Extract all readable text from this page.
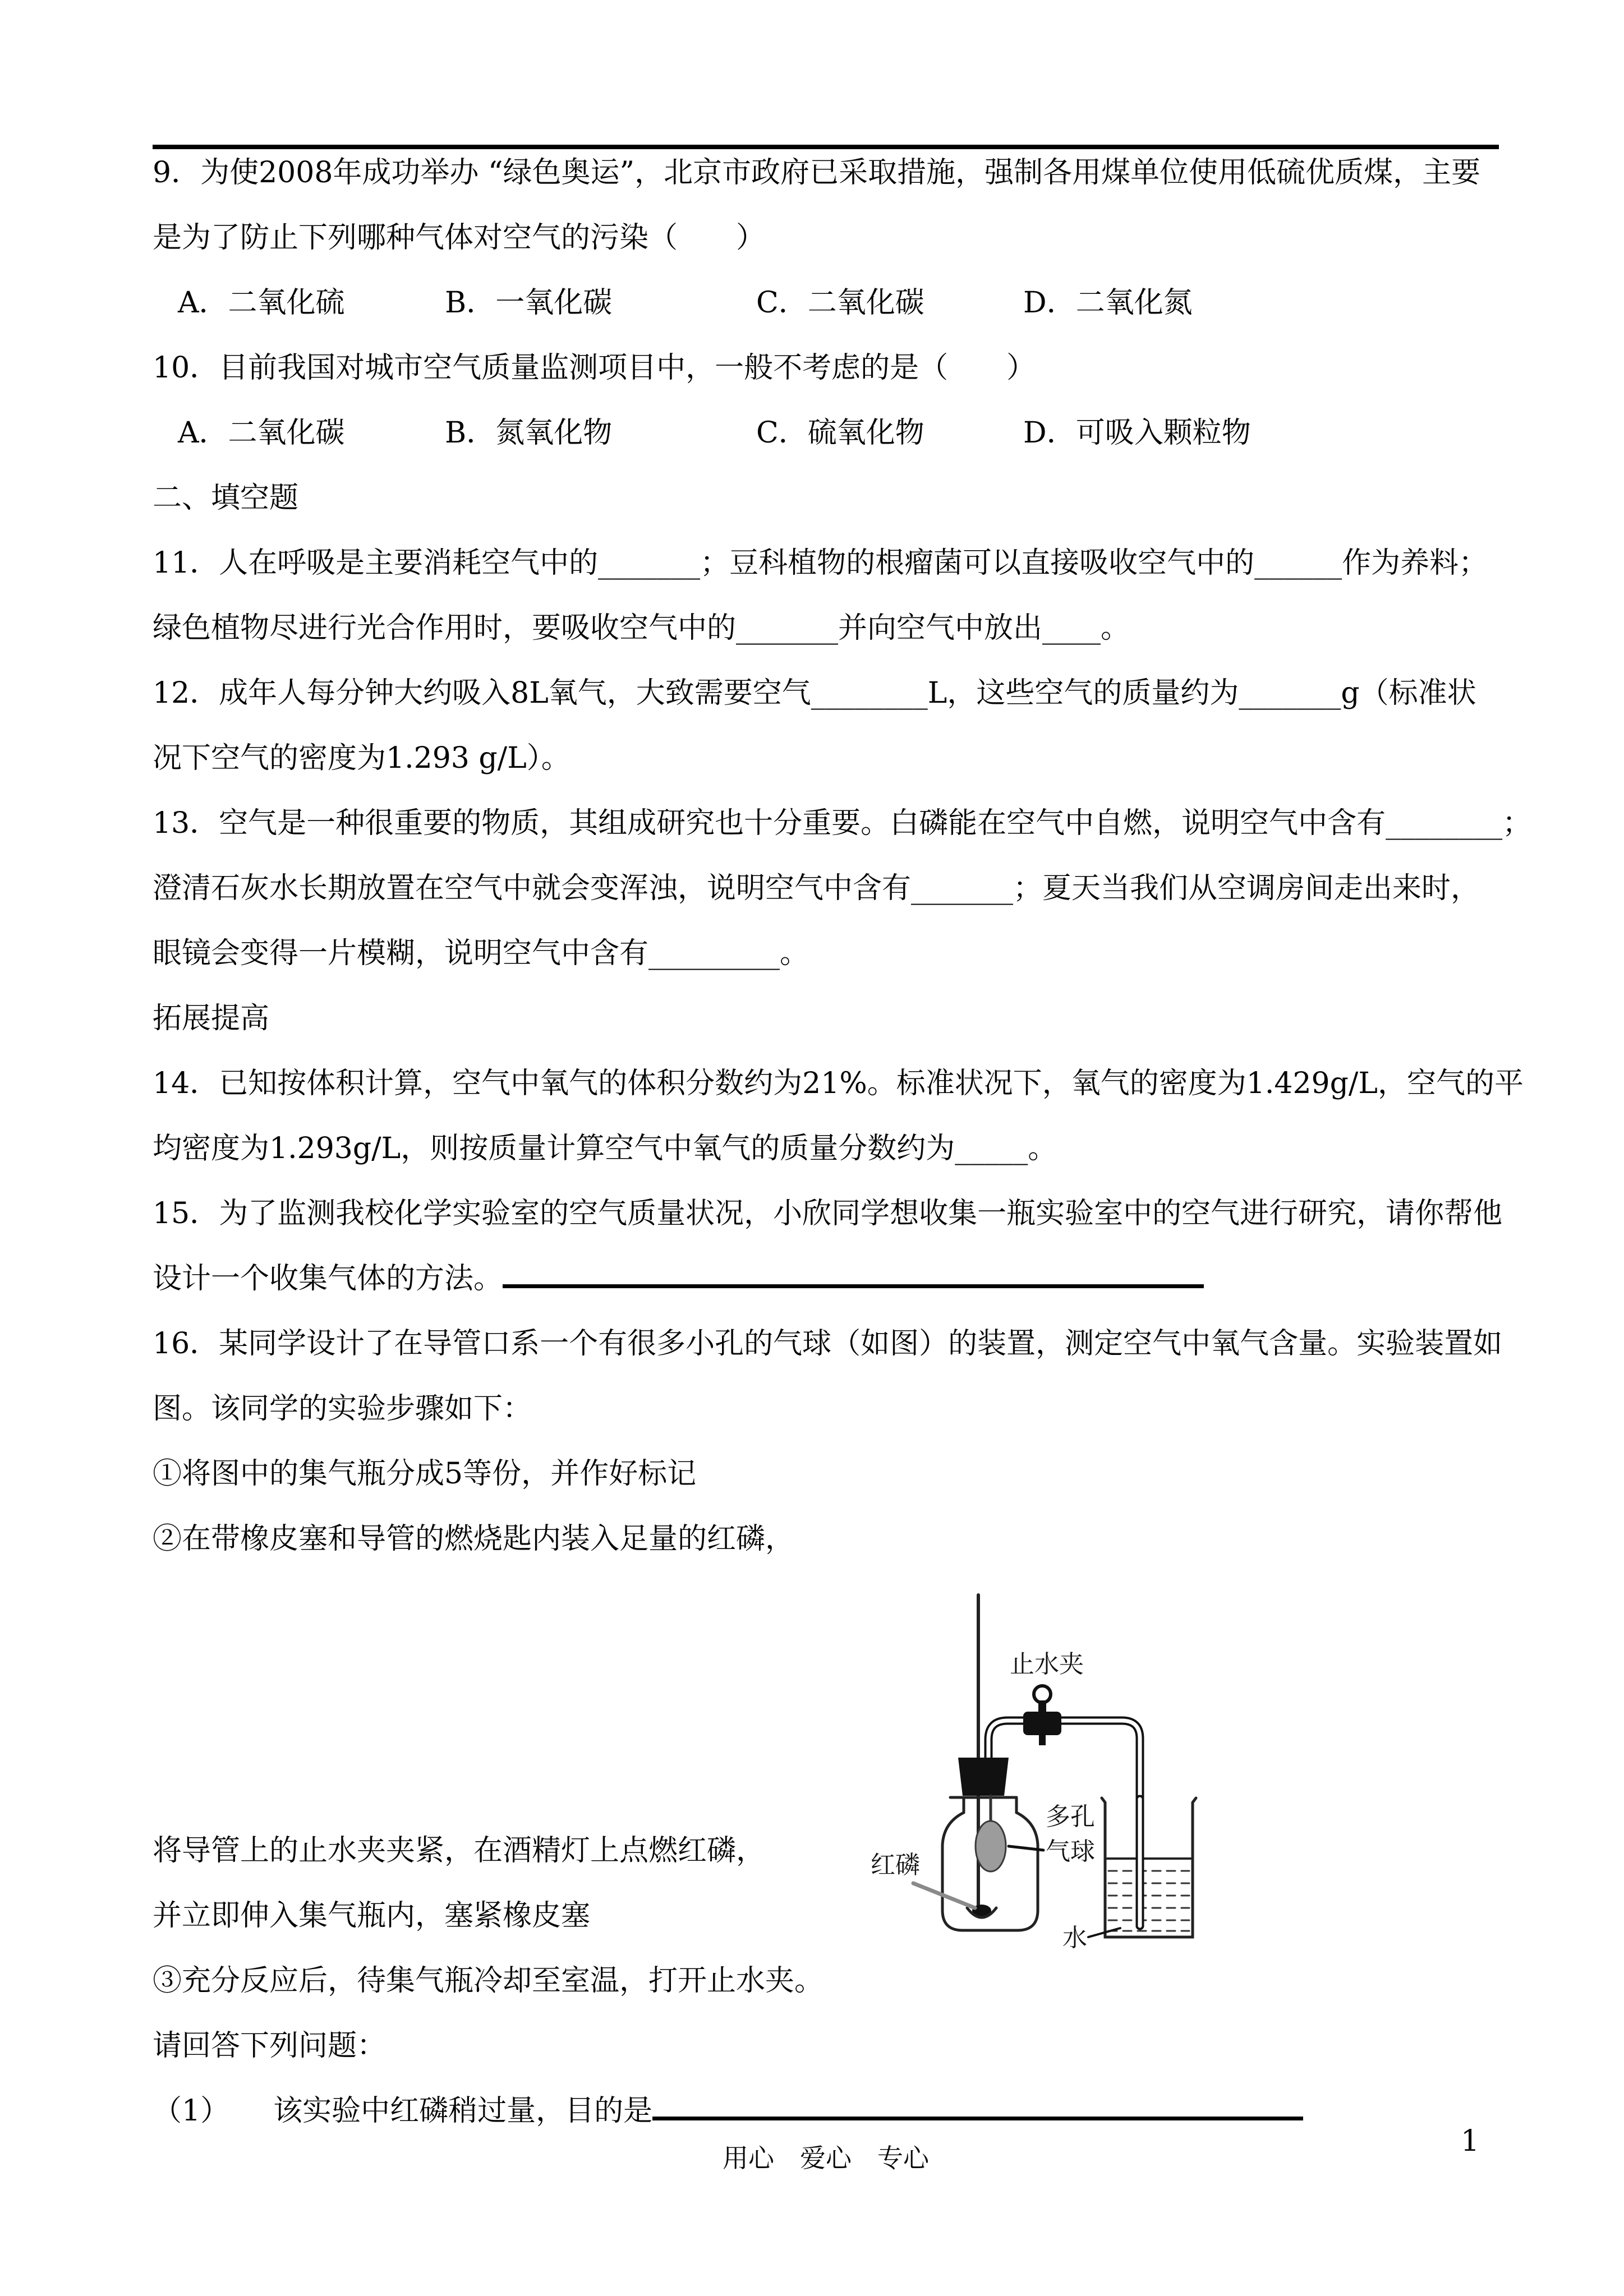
9．为使2008年成功举办 “绿色奥运”，北京市政府已采取措施，强制各用煤单位使用低硫优质煤，主要

是为了防止下列哪种气体对空气的污染（　　）

A．二氧化硫	B．一氧化碳	C．二氧化碳	D．二氧化氮

10．目前我国对城市空气质量监测项目中，一般不考虑的是（　　）

A．二氧化碳	B．氮氧化物	C．硫氧化物	D．可吸入颗粒物

二、填空题

11．人在呼吸是主要消耗空气中的_______；豆科植物的根瘤菌可以直接吸收空气中的______作为养料；

绿色植物尽进行光合作用时，要吸收空气中的_______并向空气中放出____。

12．成年人每分钟大约吸入8L氧气，大致需要空气________L，这些空气的质量约为_______g（标准状

况下空气的密度为1.293 g/L）。

13．空气是一种很重要的物质，其组成研究也十分重要。白磷能在空气中自燃，说明空气中含有________；

澄清石灰水长期放置在空气中就会变浑浊，说明空气中含有_______；夏天当我们从空调房间走出来时，

眼镜会变得一片模糊，说明空气中含有_________。

拓展提高

14．已知按体积计算，空气中氧气的体积分数约为21%。标准状况下，氧气的密度为1.429g/L，空气的平

均密度为1.293g/L，则按质量计算空气中氧气的质量分数约为_____。

15．为了监测我校化学实验室的空气质量状况，小欣同学想收集一瓶实验室中的空气进行研究，请你帮他

设计一个收集气体的方法。

16．某同学设计了在导管口系一个有很多小孔的气球（如图）的装置，测定空气中氧气含量。实验装置如

图。该同学的实验步骤如下：

①将图中的集气瓶分成5等份，并作好标记

②在带橡皮塞和导管的燃烧匙内装入足量的红磷，

止水夹
多孔
气球
红磷
水

将导管上的止水夹夹紧，在酒精灯上点燃红磷，

并立即伸入集气瓶内，塞紧橡皮塞

③充分反应后，待集气瓶冷却至室温，打开止水夹。

请回答下列问题：

（1）　　该实验中红磷稍过量，目的是

用心　爱心　专心	1
